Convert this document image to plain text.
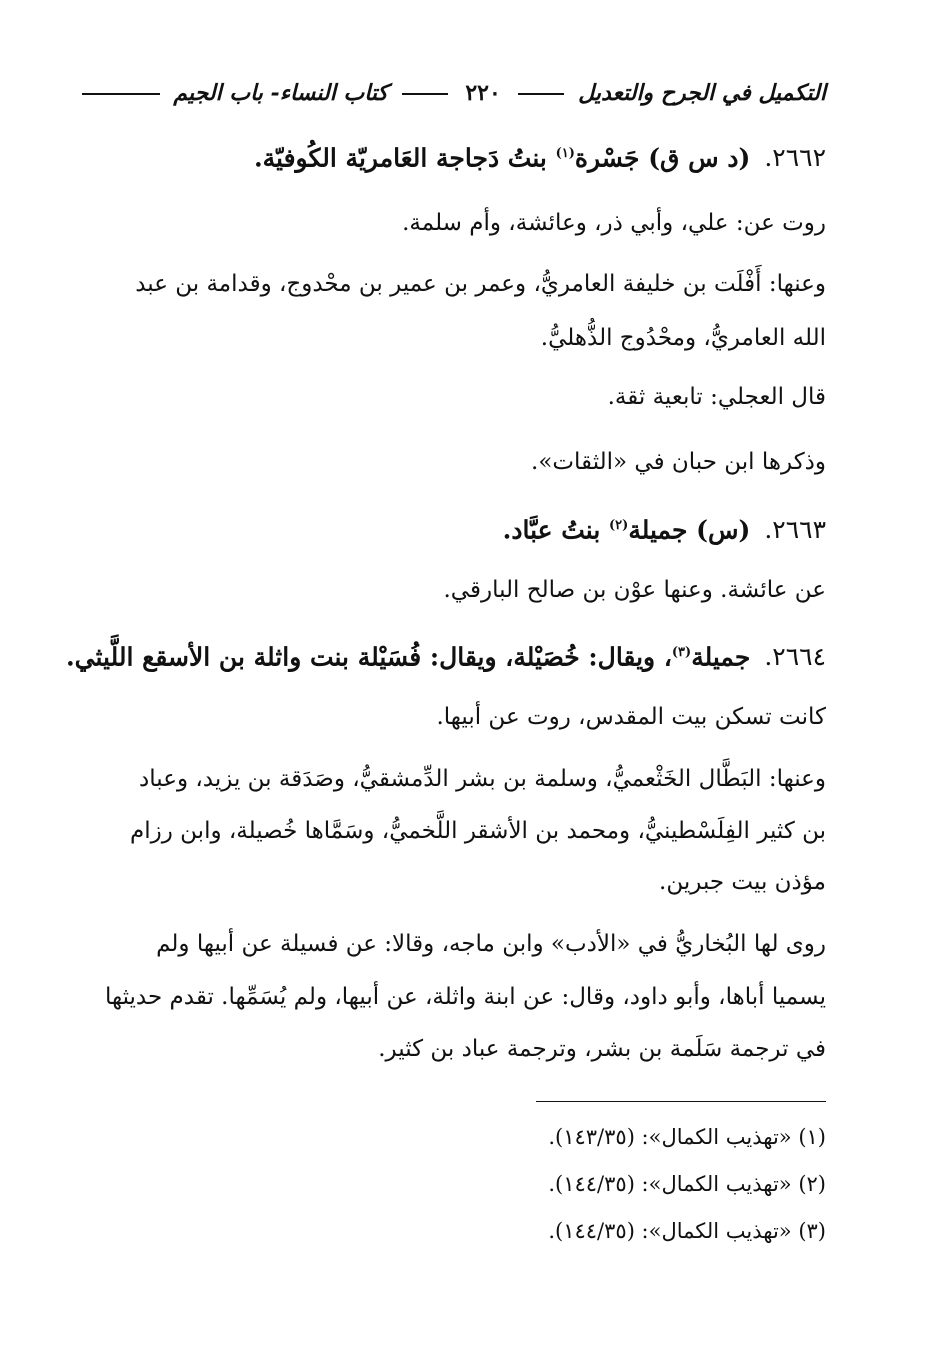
التكميل في الجرح والتعديل  ٢٢٠  كتاب النساء- باب الجيم
٢٦٦٢.(د س ق) جَسْرة$^{(١)}$ بنتُ دَجاجة العَامريّة الكُوفيّة.
روت عن: علي، وأبي ذر، وعائشة، وأم سلمة.
وعنها: أَفْلَت بن خليفة العامريُّ، وعمر بن عمير بن محْدوج، وقدامة بن عبد
الله العامريُّ، ومحْدُوج الذُّهليُّ.
قال العجلي: تابعية ثقة.
وذكرها ابن حبان في «الثقات».
٢٦٦٣.(س) جميلة$^{(٢)}$ بنتُ عبَّاد.
عن عائشة. وعنها عوْن بن صالح البارقي.
٢٦٦٤.جميلة$^{(٣)}$، ويقال: خُصَيْلة، ويقال: فُسَيْلة بنت واثلة بن الأسقع اللَّيثي.
كانت تسكن بيت المقدس، روت عن أبيها.
وعنها: البَطَّال الخَثْعميُّ، وسلمة بن بشر الدِّمشقيُّ، وصَدَقة بن يزيد، وعباد
بن كثير الفِلَسْطينيُّ، ومحمد بن الأشقر اللَّخميُّ، وسَمَّاها خُصيلة، وابن رزام
مؤذن بيت جبرين.
روى لها البُخاريُّ في «الأدب» وابن ماجه، وقالا: عن فسيلة عن أبيها ولم
يسميا أباها، وأبو داود، وقال: عن ابنة واثلة، عن أبيها، ولم يُسَمِّها. تقدم حديثها
في ترجمة سَلَمة بن بشر، وترجمة عباد بن كثير.
(١) «تهذيب الكمال»: (١٤٣/٣٥).
(٢) «تهذيب الكمال»: (١٤٤/٣٥).
(٣) «تهذيب الكمال»: (١٤٤/٣٥).
